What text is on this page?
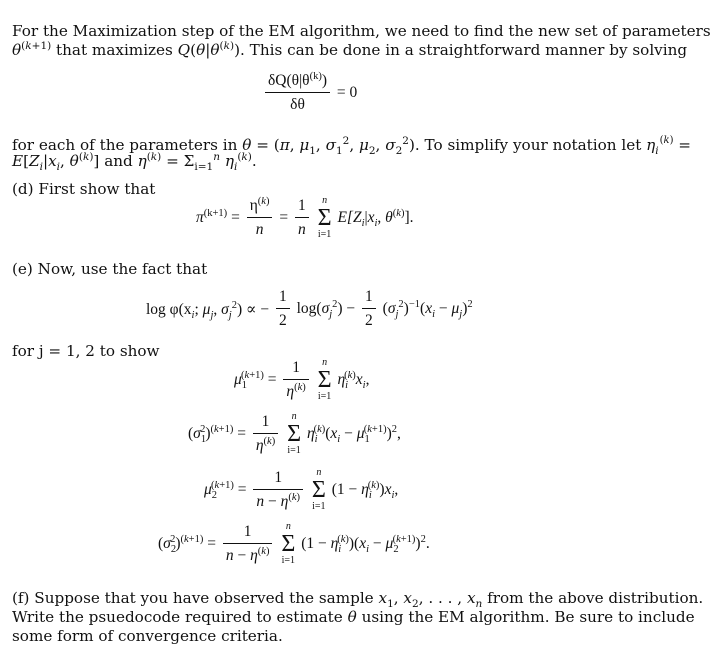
For the Maximization step of the EM algorithm, we need to find the new set of parameters
$\theta^{(k+1)}$ that maximizes $Q(\theta|\theta^{(k)})$. This can be done in a straightforward manner by solving
$\frac{\delta Q(\theta|\theta^{(k)})}{\delta\theta} = 0$
for each of the parameters in θ = (π, $\mu_1$, $\sigma_1^2$, $\mu_2$, $\sigma_2^2$). To simplify your notation let $\eta_i^{(k)}$ =
$E[Z_i|x_i$, $\theta^{(k)}$] and $\eta^{(k)} = \Sigma_{i=1}^n$ $\eta_i^{(k)}$.
(d) First show that
$\pi^{(k+1)} = \frac{\eta^{(k)}}{n} = \frac{1}{n}$
	n
Σ
i=1
$E[Z_i|x_i$, $\theta^{(k)}$].
(e) Now, use the fact that
$\log \varphi(x_i$; $\mu_j$, $\sigma_j^2$) ∝ − $\frac{1}{2} \log(\sigma_j^2) - \frac{1}{2} (\sigma_j^2)^{-1}(x_i - \mu_j)^2$
for j = 1, 2 to show
$\mu_1^{(k+1)} = \frac{1}{\eta^{(k)}}$
	n
Σ
i=1
$\eta_i^{(k)}x_i$,
$(\sigma_1^2)^{(k+1)} = \frac{1}{\eta^{(k)}}$
	n
Σ
i=1
$\eta_i^{(k)}(x_i - \mu_1^{(k+1)})^2$,
$\mu_2^{(k+1)} = \frac{1}{n - \eta^{(k)}}$
	n
Σ
i=1
$(1 - \eta_i^{(k)})x_i$,
$(\sigma_2^2)^{(k+1)} = \frac{1}{n - \eta^{(k)}}$
	n
Σ
i=1
$(1 - \eta_i^{(k)})(x_i - \mu_2^{(k+1)})^2$.
(f) Suppose that you have observed the sample $x_1$, $x_2$, . . . , $x_n$ from the above distribution.
Write the psuedocode required to estimate θ using the EM algorithm. Be sure to include
some form of convergence criteria.
